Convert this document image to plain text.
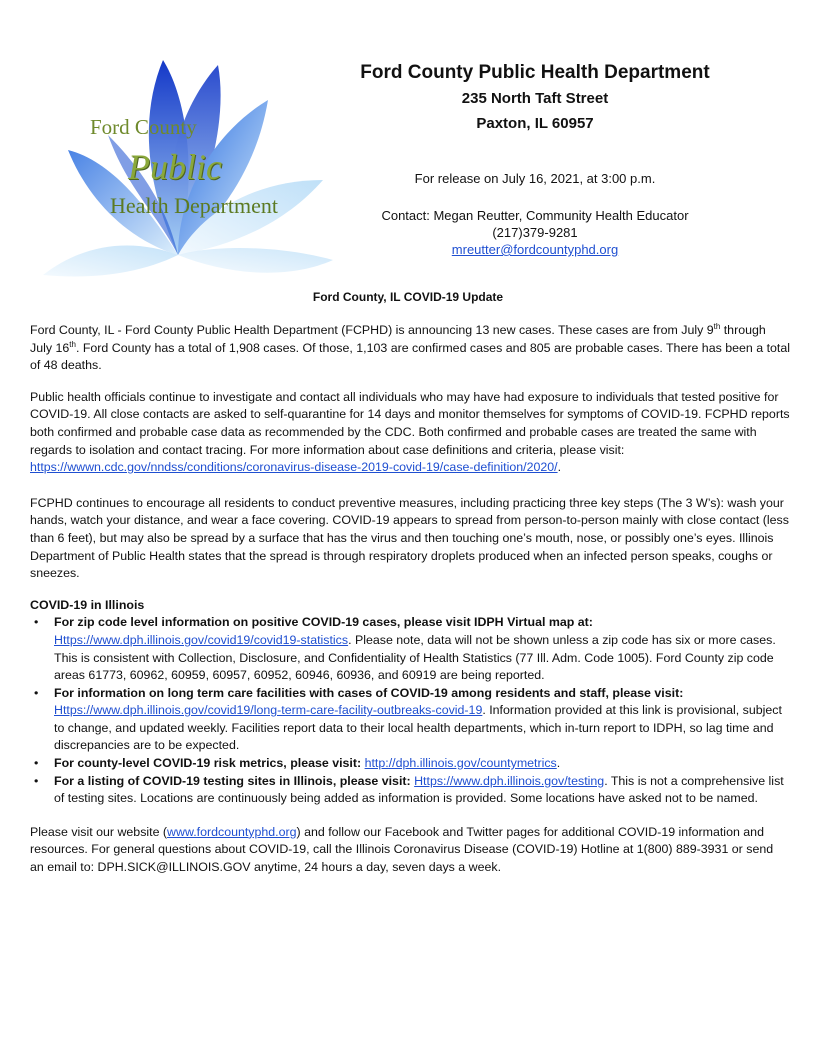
Ford County
Public
Health Department
Ford County Public Health Department
235 North Taft Street
Paxton, IL 60957
For release on July 16, 2021, at 3:00 p.m.
Contact: Megan Reutter, Community Health Educator
(217)379-9281
mreutter@fordcountyphd.org
Ford County, IL COVID-19 Update

Ford County, IL - Ford County Public Health Department (FCPHD) is announcing 13 new cases. These cases are from July 9th through July 16th. Ford County has a total of 1,908 cases. Of those, 1,103 are confirmed cases and 805 are probable cases. There has been a total of 48 deaths.

Public health officials continue to investigate and contact all individuals who may have had exposure to individuals that tested positive for COVID-19. All close contacts are asked to self-quarantine for 14 days and monitor themselves for symptoms of COVID-19. FCPHD reports both confirmed and probable case data as recommended by the CDC. Both confirmed and probable cases are treated the same with regards to isolation and contact tracing. For more information about case definitions and criteria, please visit: https://wwwn.cdc.gov/nndss/conditions/coronavirus-disease-2019-covid-19/case-definition/2020/.

FCPHD continues to encourage all residents to conduct preventive measures, including practicing three key steps (The 3 W’s): wash your hands, watch your distance, and wear a face covering. COVID-19 appears to spread from person-to-person mainly with close contact (less than 6 feet), but may also be spread by a surface that has the virus and then touching one’s mouth, nose, or possibly one’s eyes. Illinois Department of Public Health states that the spread is through respiratory droplets produced when an infected person speaks, coughs or sneezes.

COVID-19 in Illinois
• For zip code level information on positive COVID-19 cases, please visit IDPH Virtual map at:
Https://www.dph.illinois.gov/covid19/covid19-statistics. Please note, data will not be shown unless a zip code has six or more cases. This is consistent with Collection, Disclosure, and Confidentiality of Health Statistics (77 Ill. Adm. Code 1005). Ford County zip code areas 61773, 60962, 60959, 60957, 60952, 60946, 60936, and 60919 are being reported.
• For information on long term care facilities with cases of COVID-19 among residents and staff, please visit:
Https://www.dph.illinois.gov/covid19/long-term-care-facility-outbreaks-covid-19. Information provided at this link is provisional, subject to change, and updated weekly. Facilities report data to their local health departments, which in-turn report to IDPH, so lag time and discrepancies are to be expected.
• For county-level COVID-19 risk metrics, please visit: http://dph.illinois.gov/countymetrics.
• For a listing of COVID-19 testing sites in Illinois, please visit: Https://www.dph.illinois.gov/testing. This is not a comprehensive list of testing sites. Locations are continuously being added as information is provided. Some locations have asked not to be named.

Please visit our website (www.fordcountyphd.org) and follow our Facebook and Twitter pages for additional COVID-19 information and resources. For general questions about COVID-19, call the Illinois Coronavirus Disease (COVID-19) Hotline at 1(800) 889-3931 or send an email to: DPH.SICK@ILLINOIS.GOV anytime, 24 hours a day, seven days a week.
